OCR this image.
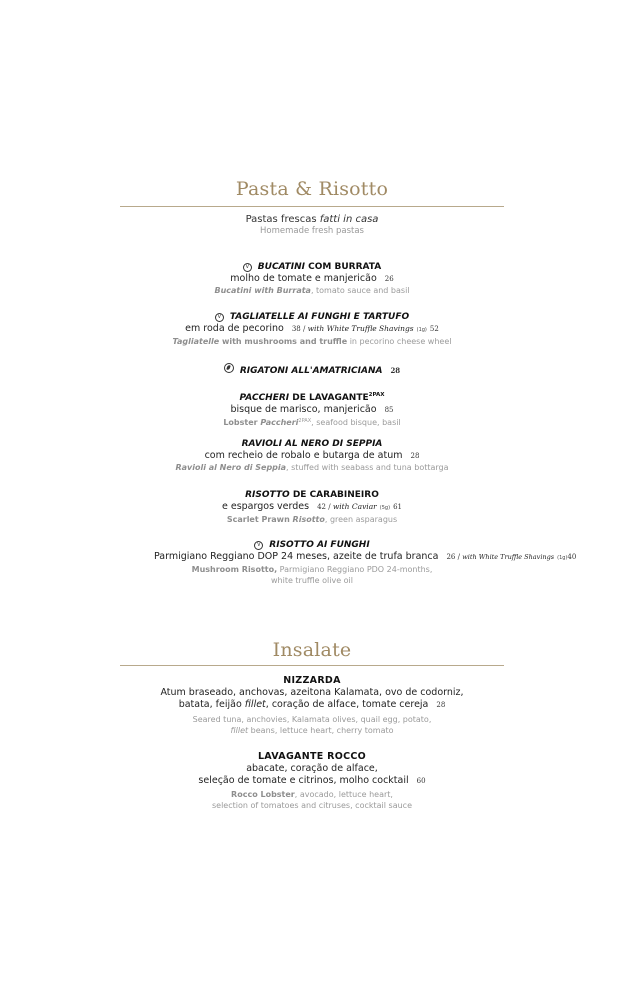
Pasta & Risotto
Pastas frescas fatti in casa
Homemade fresh pastas
V BUCATINI COM BURRATA
molho de tomate e manjericão 26
Bucatini with Burrata, tomato sauce and basil
V TAGLIATELLE AI FUNGHI E TARTUFO
em roda de pecorino 38 / with White Truffle Shavings (1g) 52
Tagliatelle with mushrooms and truffle in pecorino cheese wheel
RIGATONI ALL'AMATRICIANA 28
PACCHERI DE $LAVAGANTE^{2PAX}$
bisque de marisco, manjericão 85
Lobster Paccheri$^{2PAX}$, seafood bisque, basil
RAVIOLI AL NERO DI SEPPIA
com recheio de robalo e butarga de atum 28
Ravioli al Nero di Seppia, stuffed with seabass and tuna bottarga
RISOTTO DE CARABINEIRO
e espargos verdes 42 / with Caviar (5g) 61
Scarlet Prawn Risotto, green asparagus
V RISOTTO AI FUNGHI
Parmigiano Reggiano DOP 24 meses, azeite de trufa branca 26 / with White Truffle Shavings (1g)40
Mushroom Risotto, Parmigiano Reggiano PDO 24-months,
white truffle olive oil
Insalate
NIZZARDA
Atum braseado, anchovas, azeitona Kalamata, ovo de codorniz,
batata, feijão fillet, coração de alface, tomate cereja 28
Seared tuna, anchovies, Kalamata olives, quail egg, potato,
fillet beans, lettuce heart, cherry tomato
LAVAGANTE ROCCO
abacate, coração de alface,
seleção de tomate e citrinos, molho cocktail 60
Rocco Lobster, avocado, lettuce heart,
selection of tomatoes and citruses, cocktail sauce
